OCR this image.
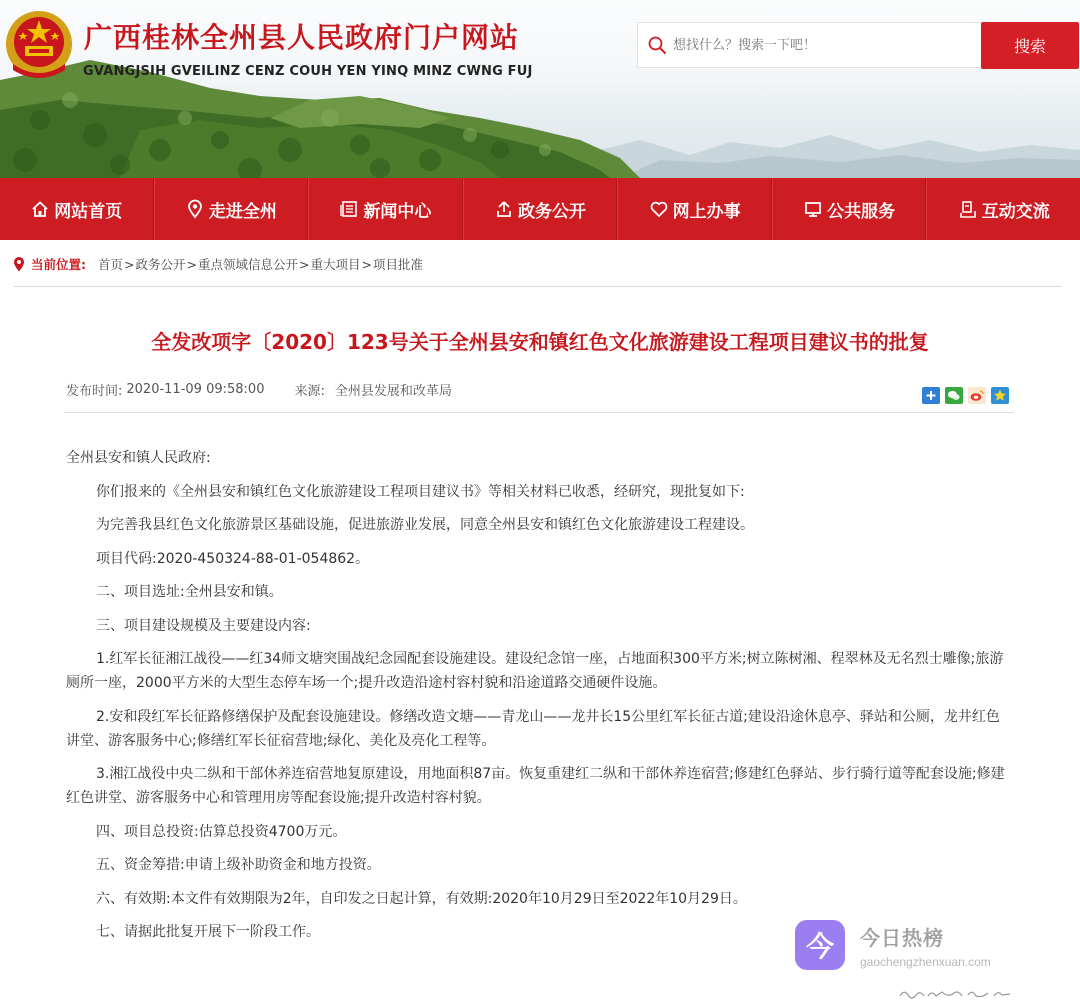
广西桂林全州县人民政府门户网站
GVANGJSIH GVEILINZ CENZ COUH YEN YINQ MINZ CWNG FUJ
想找什么？搜索一下吧！
搜索
网站首页	走进全州	新闻中心	政务公开	网上办事	公共服务	互动交流
当前位置: 首页 > 政务公开 > 重点领域信息公开 > 重大项目 > 项目批准
全发改项字〔2020〕123号关于全州县安和镇红色文化旅游建设工程项目建议书的批复
发布时间: 2020-11-09 09:58:00 来源: 全州县发展和改革局

全州县安和镇人民政府:

你们报来的《全州县安和镇红色文化旅游建设工程项目建议书》等相关材料已收悉，经研究，现批复如下:

为完善我县红色文化旅游景区基础设施，促进旅游业发展，同意全州县安和镇红色文化旅游建设工程建设。

项目代码:2020-450324-88-01-054862。

二、项目选址:全州县安和镇。

三、项目建设规模及主要建设内容:

1.红军长征湘江战役——红34师文塘突围战纪念园配套设施建设。建设纪念馆一座，占地面积300平方米;树立陈树湘、程翠林及无名烈士雕像;旅游厕所一座，2000平方米的大型生态停车场一个;提升改造沿途村容村貌和沿途道路交通硬件设施。

2.安和段红军长征路修缮保护及配套设施建设。修缮改造文塘——青龙山——龙井长15公里红军长征古道;建设沿途休息亭、驿站和公厕，龙井红色讲堂、游客服务中心;修缮红军长征宿营地;绿化、美化及亮化工程等。

3.湘江战役中央二纵和干部休养连宿营地复原建设，用地面积87亩。恢复重建红二纵和干部休养连宿营;修建红色驿站、步行骑行道等配套设施;修建红色讲堂、游客服务中心和管理用房等配套设施;提升改造村容村貌。

四、项目总投资:估算总投资4700万元。

五、资金筹措:申请上级补助资金和地方投资。

六、有效期:本文件有效期限为2年，自印发之日起计算，有效期:2020年10月29日至2022年10月29日。

七、请据此批复开展下一阶段工作。	今	今日热榜
gaochengzhenxuan.com
